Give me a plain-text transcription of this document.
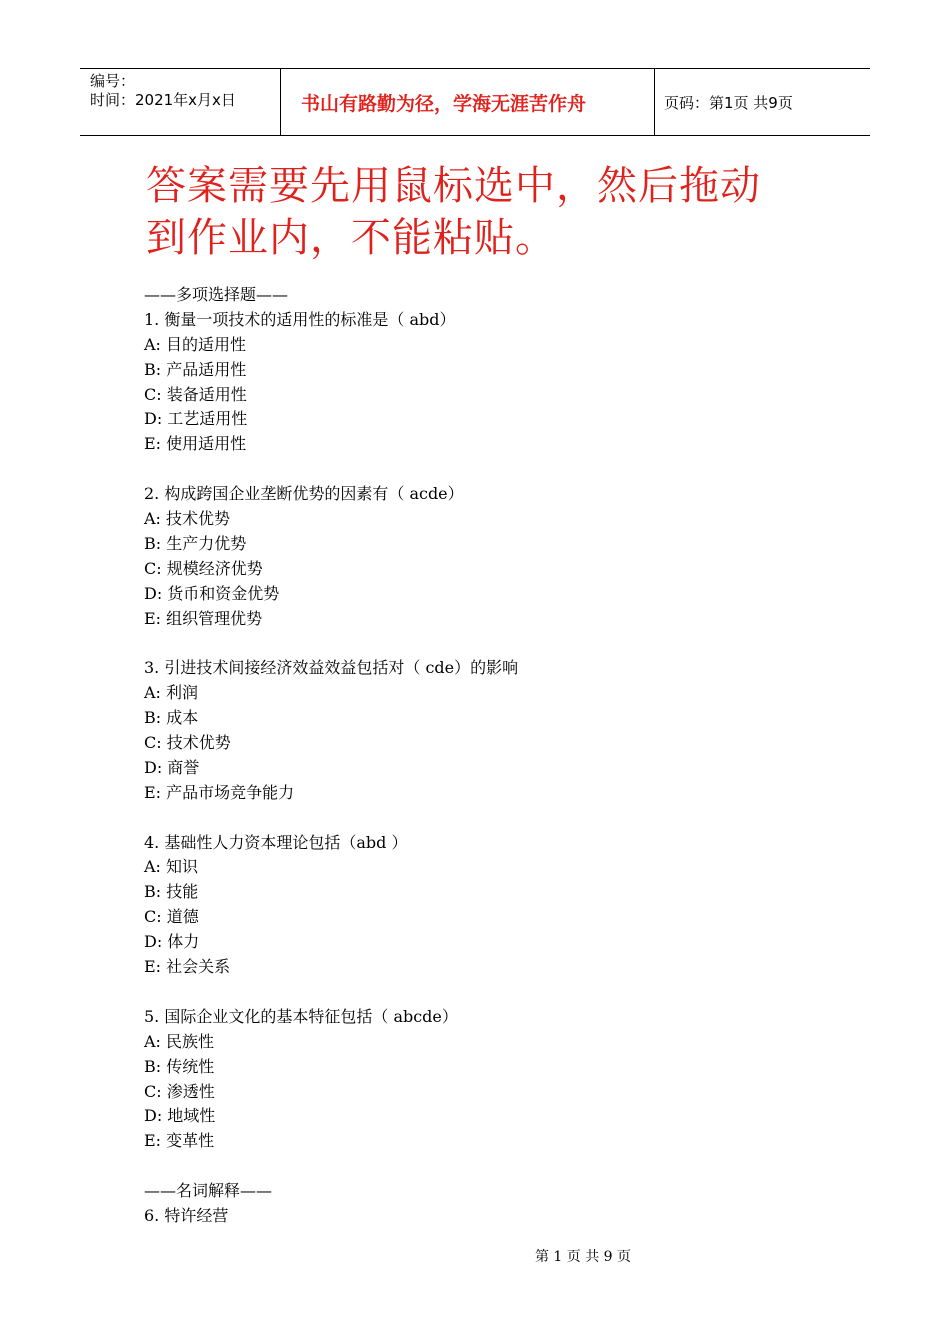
编号：
时间：2021年x月x日	书山有路勤为径，学海无涯苦作舟	页码：第1页 共9页
答案需要先用鼠标选中，然后拖动
到作业内，不能粘贴。
——多项选择题——
1. 衡量一项技术的适用性的标准是（ abd）
A: 目的适用性
B: 产品适用性
C: 装备适用性
D: 工艺适用性
E: 使用适用性
2. 构成跨国企业垄断优势的因素有（ acde）
A: 技术优势
B: 生产力优势
C: 规模经济优势
D: 货币和资金优势
E: 组织管理优势
3. 引进技术间接经济效益效益包括对（ cde）的影响
A: 利润
B: 成本
C: 技术优势
D: 商誉
E: 产品市场竞争能力
4. 基础性人力资本理论包括（abd ）
A: 知识
B: 技能
C: 道德
D: 体力
E: 社会关系
5. 国际企业文化的基本特征包括（ abcde）
A: 民族性
B: 传统性
C: 渗透性
D: 地域性
E: 变革性
——名词解释——
6. 特许经营
第 1 页 共 9 页
